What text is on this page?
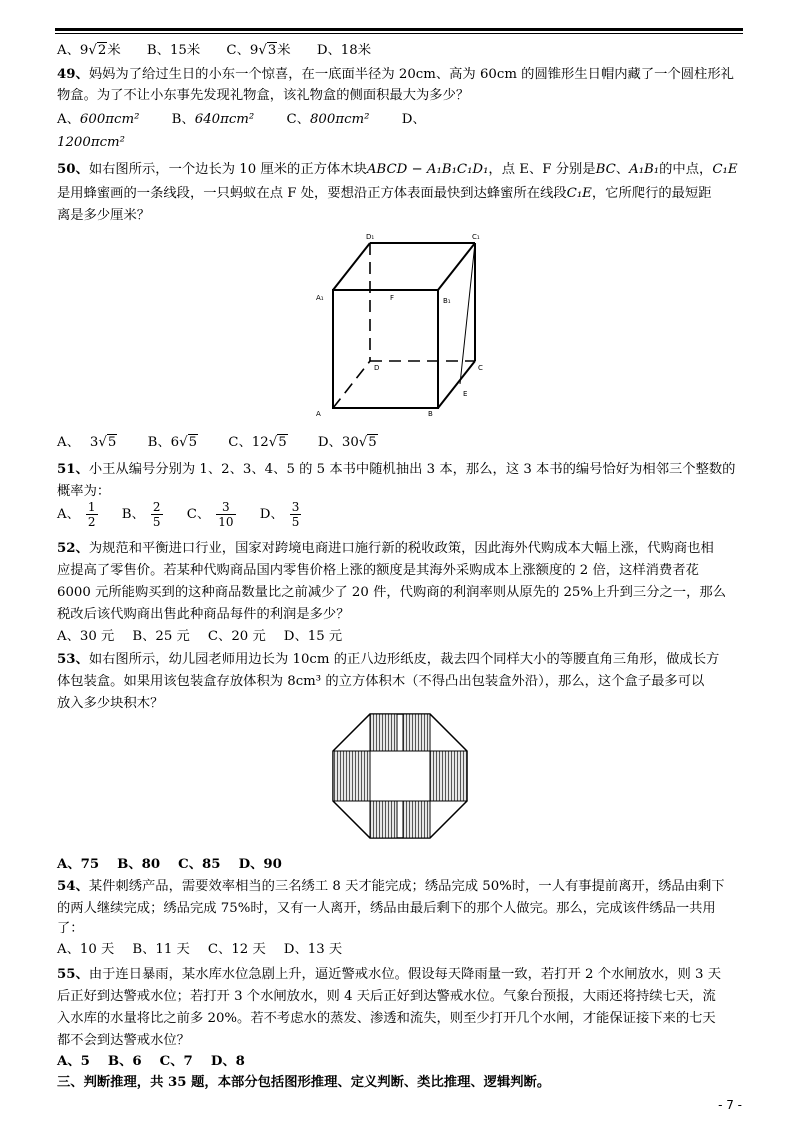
A、9√2米 B、15米 C、9√3米 D、18米
49、妈妈为了给过生日的小东一个惊喜，在一底面半径为 20cm、高为 60cm 的圆锥形生日帽内藏了一个圆柱形礼
物盒。为了不让小东事先发现礼物盒，该礼物盒的侧面积最大为多少？
A、600πcm² B、640πcm² C、800πcm² D、
1200πcm²
50、如右图所示，一个边长为 10 厘米的正方体木块ABCD − A₁B₁C₁D₁，点 E、F 分别是BC、A₁B₁的中点，C₁E
是用蜂蜜画的一条线段，一只蚂蚁在点 F 处，要想沿正方体表面最快到达蜂蜜所在线段C₁E，它所爬行的最短距
离是多少厘米？
D₁	C₁
A₁	F	B₁
D	C
E
A	B
A、 3√5 B、6√5 C、12√5 D、30√5
51、小王从编号分别为 1、2、3、4、5 的 5 本书中随机抽出 3 本，那么，这 3 本书的编号恰好为相邻三个整数的
概率为：
A、 $\frac{1}{2}$ B、 $\frac{2}{5}$ C、 $\frac{3}{10}$ D、 $\frac{3}{5}$
52、为规范和平衡进口行业，国家对跨境电商进口施行新的税收政策，因此海外代购成本大幅上涨，代购商也相
应提高了零售价。若某种代购商品国内零售价格上涨的额度是其海外采购成本上涨额度的 2 倍，这样消费者花
6000 元所能购买到的这种商品数量比之前减少了 20 件，代购商的利润率则从原先的 25%上升到三分之一，那么
税改后该代购商出售此种商品每件的利润是多少？
A、30 元 B、25 元 C、20 元 D、15 元
53、如右图所示，幼儿园老师用边长为 10cm 的正八边形纸皮，裁去四个同样大小的等腰直角三角形，做成长方
体包装盒。如果用该包装盒存放体积为 8cm³ 的立方体积木（不得凸出包装盒外沿），那么，这个盒子最多可以
放入多少块积木？
A、75 B、80 C、85 D、90
54、某件刺绣产品，需要效率相当的三名绣工 8 天才能完成；绣品完成 50%时，一人有事提前离开，绣品由剩下
的两人继续完成；绣品完成 75%时，又有一人离开，绣品由最后剩下的那个人做完。那么，完成该件绣品一共用
了：
A、10 天 B、11 天 C、12 天 D、13 天
55、由于连日暴雨，某水库水位急剧上升，逼近警戒水位。假设每天降雨量一致，若打开 2 个水闸放水，则 3 天
后正好到达警戒水位；若打开 3 个水闸放水，则 4 天后正好到达警戒水位。气象台预报，大雨还将持续七天，流
入水库的水量将比之前多 20%。若不考虑水的蒸发、渗透和流失，则至少打开几个水闸，才能保证接下来的七天
都不会到达警戒水位？
A、5 B、6 C、7 D、8
三、判断推理，共 35 题，本部分包括图形推理、定义判断、类比推理、逻辑判断。
- 7 -
